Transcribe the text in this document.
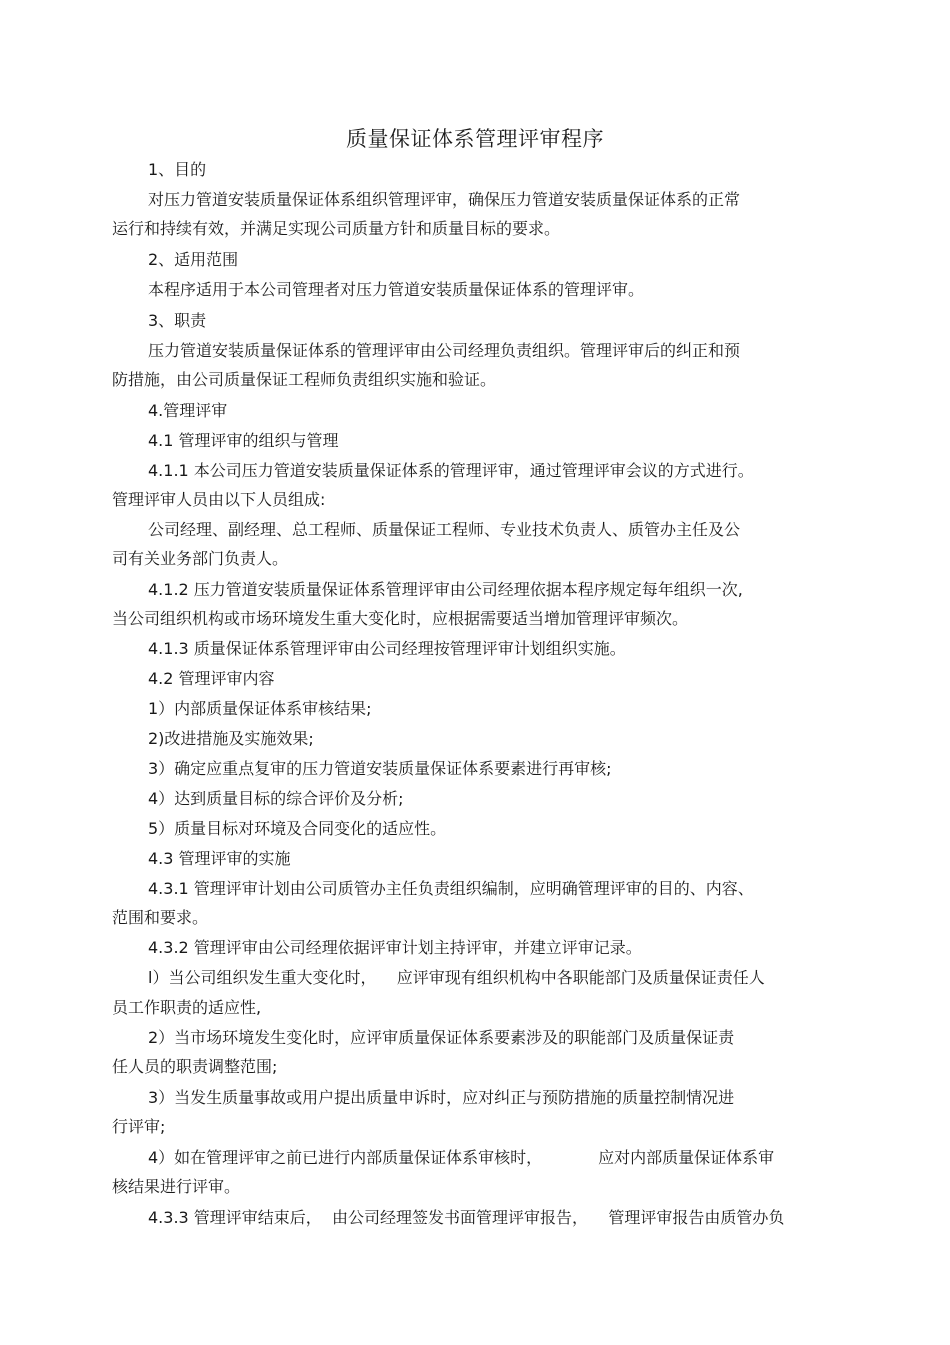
质量保证体系管理评审程序
1、目的
对压力管道安装质量保证体系组织管理评审，确保压力管道安装质量保证体系的正常
运行和持续有效，并满足实现公司质量方针和质量目标的要求。
2、适用范围
本程序适用于本公司管理者对压力管道安装质量保证体系的管理评审。
3、职责
压力管道安装质量保证体系的管理评审由公司经理负责组织。管理评审后的纠正和预
防措施，由公司质量保证工程师负责组织实施和验证。
4.管理评审
4.1 管理评审的组织与管理
4.1.1 本公司压力管道安装质量保证体系的管理评审，通过管理评审会议的方式进行。
管理评审人员由以下人员组成:
公司经理、副经理、总工程师、质量保证工程师、专业技术负责人、质管办主任及公
司有关业务部门负责人。
4.1.2 压力管道安装质量保证体系管理评审由公司经理依据本程序规定每年组织一次,
当公司组织机构或市场环境发生重大变化时，应根据需要适当增加管理评审频次。
4.1.3 质量保证体系管理评审由公司经理按管理评审计划组织实施。
4.2 管理评审内容
1）内部质量保证体系审核结果;
2)改进措施及实施效果;
3）确定应重点复审的压力管道安装质量保证体系要素进行再审核;
4）达到质量目标的综合评价及分析;
5）质量目标对环境及合同变化的适应性。
4.3 管理评审的实施
4.3.1 管理评审计划由公司质管办主任负责组织编制，应明确管理评审的目的、内容、
范围和要求。
4.3.2 管理评审由公司经理依据评审计划主持评审，并建立评审记录。
l）当公司组织发生重大变化时，    应评审现有组织机构中各职能部门及质量保证责任人
员工作职责的适应性,
2）当市场环境发生变化时，应评审质量保证体系要素涉及的职能部门及质量保证责
任人员的职责调整范围;
3）当发生质量事故或用户提出质量申诉时，应对纠正与预防措施的质量控制情况进
行评审;
4）如在管理评审之前已进行内部质量保证体系审核时，           应对内部质量保证体系审
核结果进行评审。
4.3.3 管理评审结束后，  由公司经理签发书面管理评审报告，    管理评审报告由质管办负
